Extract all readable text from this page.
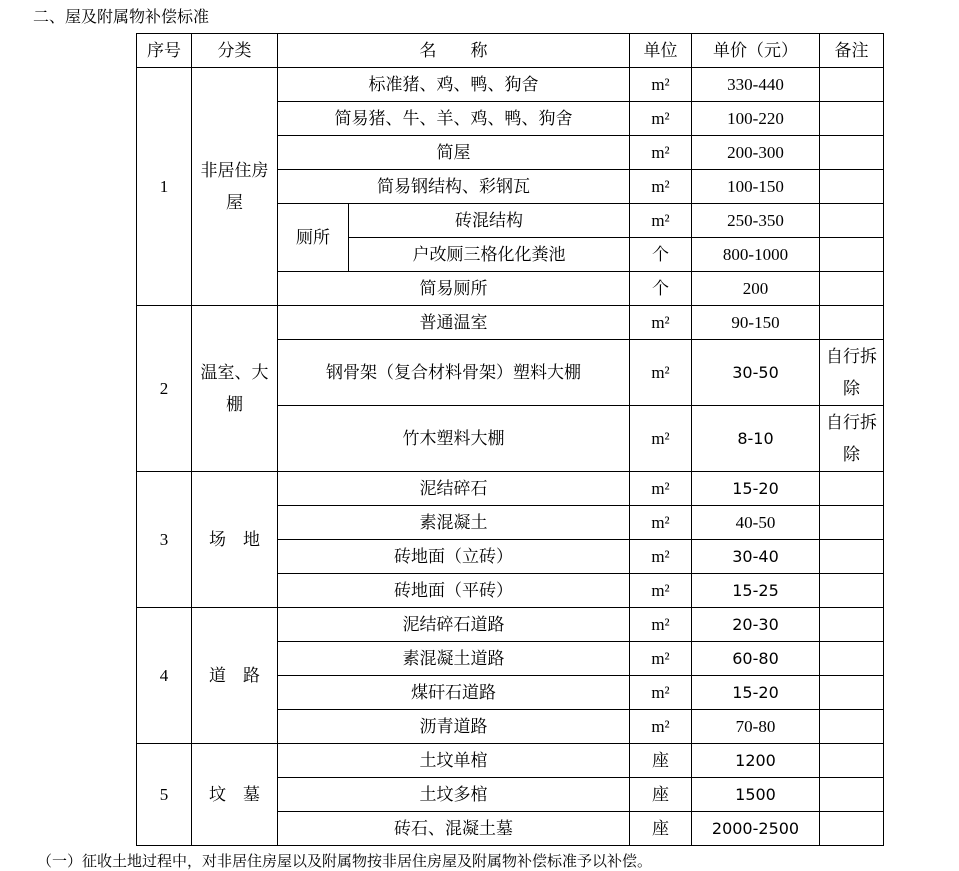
二、屋及附属物补偿标准
序号	分类	名　　称		单位	单价（元）	备注
1	非居住房屋	标准猪、鸡、鸭、狗舍		m²	330-440	
		简易猪、牛、羊、鸡、鸭、狗舍		m²	100-220	
		简屋		m²	200-300	
		简易钢结构、彩钢瓦		m²	100-150	
		厕所	砖混结构	m²	250-350	
			户改厕三格化化粪池	个	800-1000	
		简易厕所		个	200	
2	温室、大棚	普通温室		m²	90-150	
		钢骨架（复合材料骨架）塑料大棚		m²	30-50	自行拆除
		竹木塑料大棚		m²	8-10	自行拆除
3	场　地	泥结碎石		m²	15-20	
		素混凝土		m²	40-50	
		砖地面（立砖）		m²	30-40	
		砖地面（平砖）		m²	15-25	
4	道　路	泥结碎石道路		m²	20-30	
		素混凝土道路		m²	60-80	
		煤矸石道路		m²	15-20	
		沥青道路		m²	70-80	
5	坟　墓	土坟单棺		座	1200	
		土坟多棺		座	1500	
		砖石、混凝土墓		座	2000-2500	
（一）征收土地过程中，对非居住房屋以及附属物按非居住房屋及附属物补偿标准予以补偿。
